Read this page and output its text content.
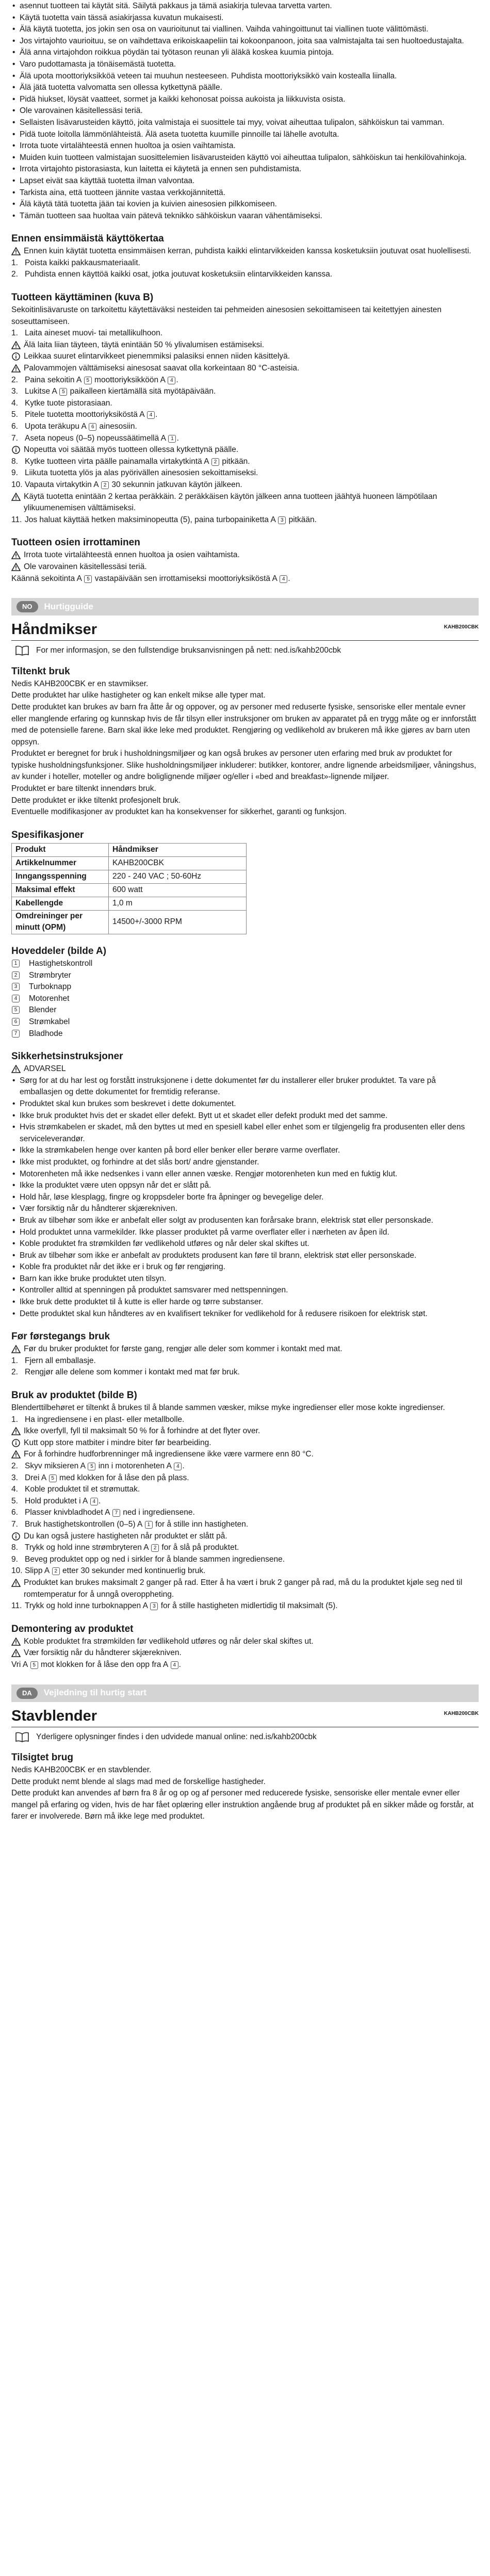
• asennut tuotteen tai käytät sitä. Säilytä pakkaus ja tämä asiakirja tulevaa tarvetta varten.
• Käytä tuotetta vain tässä asiakirjassa kuvatun mukaisesti.
• Älä käytä tuotetta, jos jokin sen osa on vaurioitunut tai viallinen. Vaihda vahingoittunut tai viallinen tuote välittömästi.
• Jos virtajohto vaurioituu, se on vaihdettava erikoiskaapeliin tai kokoonpanoon, joita saa valmistajalta tai sen huoltoedustajalta.
• Älä anna virtajohdon roikkua pöydän tai työtason reunan yli äläkä koskea kuumia pintoja.
• Varo pudottamasta ja tönäisemästä tuotetta.
• Älä upota moottoriyksikköä veteen tai muuhun nesteeseen. Puhdista moottoriyksikkö vain kostealla liinalla.
• Älä jätä tuotetta valvomatta sen ollessa kytkettynä päälle.
• Pidä hiukset, löysät vaatteet, sormet ja kaikki kehonosat poissa aukoista ja liikkuvista osista.
• Ole varovainen käsitellessäsi teriä.
• Sellaisten lisävarusteiden käyttö, joita valmistaja ei suosittele tai myy, voivat aiheuttaa tulipalon, sähköiskun tai vamman.
• Pidä tuote loitolla lämmönlähteistä. Älä aseta tuotetta kuumille pinnoille tai lähelle avotulta.
• Irrota tuote virtalähteestä ennen huoltoa ja osien vaihtamista.
• Muiden kuin tuotteen valmistajan suosittelemien lisävarusteiden käyttö voi aiheuttaa tulipalon, sähköiskun tai henkilövahinkoja.
• Irrota virtajohto pistorasiasta, kun laitetta ei käytetä ja ennen sen puhdistamista.
• Lapset eivät saa käyttää tuotetta ilman valvontaa.
• Tarkista aina, että tuotteen jännite vastaa verkkojännitettä.
• Älä käytä tätä tuotetta jään tai kovien ja kuivien ainesosien pilkkomiseen.
• Tämän tuotteen saa huoltaa vain pätevä teknikko sähköiskun vaaran vähentämiseksi.
Ennen ensimmäistä käyttökertaa
Ennen kuin käytät tuotetta ensimmäisen kerran, puhdista kaikki elintarvikkeiden kanssa kosketuksiin joutuvat osat huolellisesti.
1. Poista kaikki pakkausmateriaalit.
2. Puhdista ennen käyttöä kaikki osat, jotka joutuvat kosketuksiin elintarvikkeiden kanssa.
Tuotteen käyttäminen (kuva B)

Sekoitinlisävaruste on tarkoitettu käytettäväksi nesteiden tai pehmeiden ainesosien sekoittamiseen tai keitettyjen ainesten soseuttamiseen.

1. Laita aineset muovi- tai metallikulhoon.
Älä laita liian täyteen, täytä enintään 50 % ylivalumisen estämiseksi.
Leikkaa suuret elintarvikkeet pienemmiksi palasiksi ennen niiden käsittelyä.
Palovammojen välttämiseksi ainesosat saavat olla korkeintaan 80 °C-asteisia.
2. Paina sekoitin A 5 moottoriyksikköön A 4 .
3. Lukitse A 5 paikalleen kiertämällä sitä myötäpäivään.
4. Kytke tuote pistorasiaan.
5. Pitele tuotetta moottoriyksiköstä A 4 .
6. Upota teräkupu A 6 ainesosiin.
7. Aseta nopeus (0–5) nopeussäätimellä A 1 .
Nopeutta voi säätää myös tuotteen ollessa kytkettynä päälle.
8. Kytke tuotteen virta päälle painamalla virtakytkintä A 2 pitkään.
9. Liikuta tuotetta ylös ja alas pyörivällen ainesosien sekoittamiseksi.
10. Vapauta virtakytkin A 2 30 sekunnin jatkuvan käytön jälkeen.
Käytä tuotetta enintään 2 kertaa peräkkäin. 2 peräkkäisen käytön jälkeen anna tuotteen jäähtyä huoneen lämpötilaan ylikuumenemisen välttämiseksi.
11. Jos haluat käyttää hetken maksiminopeutta (5), paina turbopainiketta A 3 pitkään.
Tuotteen osien irrottaminen
Irrota tuote virtalähteestä ennen huoltoa ja osien vaihtamista.
Ole varovainen käsitellessäsi teriä.

Käännä sekoitinta A 5 vastapäivään sen irrottamiseksi moottoriyksiköstä A 4 .

NO	Hurtigguide
Håndmikser	KAHB200CBK
For mer informasjon, se den fullstendige bruksanvisningen på nett: ned.is/kahb200cbk
Tiltenkt bruk

Nedis KAHB200CBK er en stavmikser.

Dette produktet har ulike hastigheter og kan enkelt mikse alle typer mat.

Dette produktet kan brukes av barn fra åtte år og oppover, og av personer med reduserte fysiske, sensoriske eller mentale evner eller manglende erfaring og kunnskap hvis de får tilsyn eller instruksjoner om bruken av apparatet på en trygg måte og er innforstått med de potensielle farene. Barn skal ikke leke med produktet. Rengjøring og vedlikehold av brukeren må ikke gjøres av barn uten oppsyn.

Produktet er beregnet for bruk i husholdningsmiljøer og kan også brukes av personer uten erfaring med bruk av produktet for typiske husholdningsfunksjoner. Slike husholdningsmiljøer inkluderer: butikker, kontorer, andre lignende arbeidsmiljøer, våningshus, av kunder i hoteller, moteller og andre boliglignende miljøer og/eller i «bed and breakfast»-lignende miljøer.

Produktet er bare tiltenkt innendørs bruk.

Dette produktet er ikke tiltenkt profesjonelt bruk.

Eventuelle modifikasjoner av produktet kan ha konsekvenser for sikkerhet, garanti og funksjon.

Spesifikasjoner
Produkt	Håndmikser
Artikkelnummer	KAHB200CBK
Inngangsspenning	220 - 240 VAC ; 50-60Hz
Maksimal effekt	600 watt
Kabellengde	1,0 m
Omdreininger per minutt (OPM)	14500+/-3000 RPM
Hoveddeler (bilde A)
1	Hastighetskontroll
2	Strømbryter
3	Turboknapp
4	Motorenhet
5	Blender
6	Strømkabel
7	Bladhode
Sikkerhetsinstruksjoner
ADVARSEL
• Sørg for at du har lest og forstått instruksjonene i dette dokumentet før du installerer eller bruker produktet. Ta vare på emballasjen og dette dokumentet for fremtidig referanse.
• Produktet skal kun brukes som beskrevet i dette dokumentet.
• Ikke bruk produktet hvis det er skadet eller defekt. Bytt ut et skadet eller defekt produkt med det samme.
• Hvis strømkabelen er skadet, må den byttes ut med en spesiell kabel eller enhet som er tilgjengelig fra produsenten eller dens serviceleverandør.
• Ikke la strømkabelen henge over kanten på bord eller benker eller berøre varme overflater.
• Ikke mist produktet, og forhindre at det slås bort/ andre gjenstander.
• Motorenheten må ikke nedsenkes i vann eller annen væske. Rengjør motorenheten kun med en fuktig klut.
• Ikke la produktet være uten oppsyn når det er slått på.
• Hold hår, løse klesplagg, fingre og kroppsdeler borte fra åpninger og bevegelige deler.
• Vær forsiktig når du håndterer skjærekniven.
• Bruk av tilbehør som ikke er anbefalt eller solgt av produsenten kan forårsake brann, elektrisk støt eller personskade.
• Hold produktet unna varmekilder. Ikke plasser produktet på varme overflater eller i nærheten av åpen ild.
• Koble produktet fra strømkilden før vedlikehold utføres og når deler skal skiftes ut.
• Bruk av tilbehør som ikke er anbefalt av produktets produsent kan føre til brann, elektrisk støt eller personskade.
• Koble fra produktet når det ikke er i bruk og før rengjøring.
• Barn kan ikke bruke produktet uten tilsyn.
• Kontroller alltid at spenningen på produktet samsvarer med nettspenningen.
• Ikke bruk dette produktet til å kutte is eller harde og tørre substanser.
• Dette produktet skal kun håndteres av en kvalifisert tekniker for vedlikehold for å redusere risikoen for elektrisk støt.
Før førstegangs bruk
Før du bruker produktet for første gang, rengjør alle deler som kommer i kontakt med mat.
1. Fjern all emballasje.
2. Rengjør alle delene som kommer i kontakt med mat før bruk.
Bruk av produktet (bilde B)

Blenderttilbehøret er tiltenkt å brukes til å blande sammen væsker, mikse myke ingredienser eller mose kokte ingredienser.

1. Ha ingrediensene i en plast- eller metallbolle.
Ikke overfyll, fyll til maksimalt 50 % for å forhindre at det flyter over.
Kutt opp store matbiter i mindre biter før bearbeiding.
For å forhindre hudforbrenninger må ingrediensene ikke være varmere enn 80 °C.
2. Skyv miksieren A 5 inn i motorenheten A 4 .
3. Drei A 5 med klokken for å låse den på plass.
4. Koble produktet til et strømuttak.
5. Hold produktet i A 4 .
6. Plasser knivbladhodet A 7 ned i ingrediensene.
7. Bruk hastighetskontrollen (0–5) A 1 for å stille inn hastigheten.
Du kan også justere hastigheten når produktet er slått på.
8. Trykk og hold inne strømbryteren A 2 for å slå på produktet.
9. Beveg produktet opp og ned i sirkler for å blande sammen ingrediensene.
10. Slipp A 2 etter 30 sekunder med kontinuerlig bruk.
Produktet kan brukes maksimalt 2 ganger på rad. Etter å ha vært i bruk 2 ganger på rad, må du la produktet kjøle seg ned til romtemperatur for å unngå overoppheting.
11. Trykk og hold inne turboknappen A 3 for å stille hastigheten midlertidig til maksimalt (5).
Demontering av produktet
Koble produktet fra strømkilden før vedlikehold utføres og når deler skal skiftes ut.
Vær forsiktig når du håndterer skjærekniven.

Vri A 5 mot klokken for å låse den opp fra A 4 .

DA	Vejledning til hurtig start
Stavblender	KAHB200CBK
Yderligere oplysninger findes i den udvidede manual online: ned.is/kahb200cbk
Tilsigtet brug

Nedis KAHB200CBK er en stavblender.

Dette produkt nemt blende al slags mad med de forskellige hastigheder.

Dette produkt kan anvendes af børn fra 8 år og op og af personer med reducerede fysiske, sensoriske eller mentale evner eller mangel på erfaring og viden, hvis de har fået oplæring eller instruktion angående brug af produktet på en sikker måde og forstår, at farer er involverede. Børn må ikke lege med produktet.
